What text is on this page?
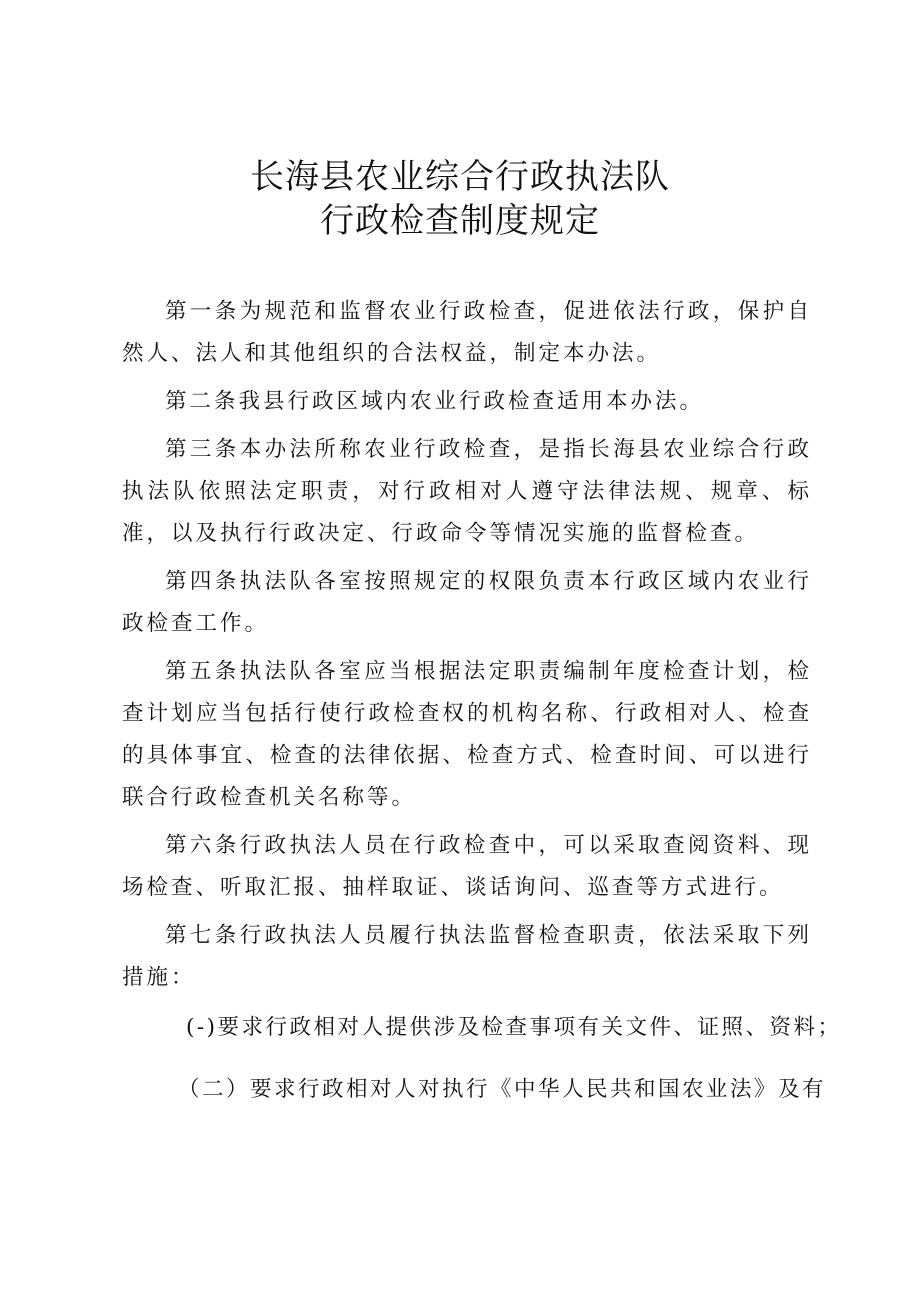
长海县农业综合行政执法队
行政检查制度规定

第一条为规范和监督农业行政检查，促进依法行政，保护自然人、法人和其他组织的合法权益，制定本办法。

第二条我县行政区域内农业行政检查适用本办法。

第三条本办法所称农业行政检查，是指长海县农业综合行政执法队依照法定职责，对行政相对人遵守法律法规、规章、标准，以及执行行政决定、行政命令等情况实施的监督检查。

第四条执法队各室按照规定的权限负责本行政区域内农业行政检查工作。

第五条执法队各室应当根据法定职责编制年度检查计划，检查计划应当包括行使行政检查权的机构名称、行政相对人、检查的具体事宜、检查的法律依据、检查方式、检查时间、可以进行联合行政检查机关名称等。

第六条行政执法人员在行政检查中，可以采取查阅资料、现场检查、听取汇报、抽样取证、谈话询问、巡查等方式进行。

第七条行政执法人员履行执法监督检查职责，依法采取下列措施：

(-)要求行政相对人提供涉及检查事项有关文件、证照、资料；

（二）要求行政相对人对执行《中华人民共和国农业法》及有
